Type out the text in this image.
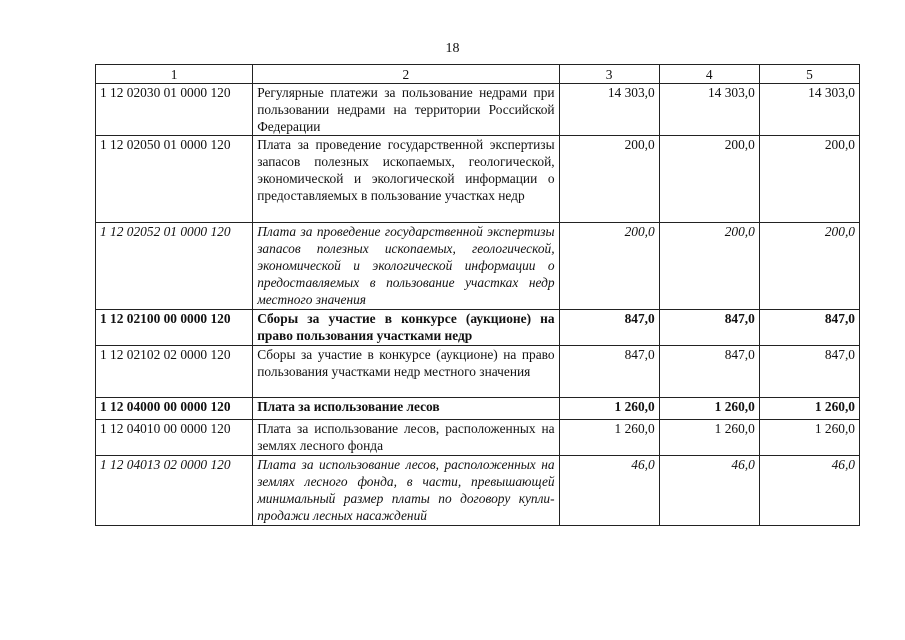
18
1	2	3	4	5
1 12 02030 01 0000 120	Регулярные платежи за пользование недрами при пользовании недрами на территории Российской Федерации	14 303,0	14 303,0	14 303,0
1 12 02050 01 0000 120	Плата за проведение государственной экспертизы запасов полезных ископаемых, геологической, экономической и экологической информации о предоставляемых в пользование участках недр	200,0	200,0	200,0
1 12 02052 01 0000 120	Плата за проведение государственной экспертизы запасов полезных ископаемых, геологической, экономической и экологической информации о предоставляемых в пользование участках недр местного значения	200,0	200,0	200,0
1 12 02100 00 0000 120	Сборы за участие в конкурсе (аукционе) на право пользования участками недр	847,0	847,0	847,0
1 12 02102 02 0000 120	Сборы за участие в конкурсе (аукционе) на право пользования участками недр местного значения	847,0	847,0	847,0
1 12 04000 00 0000 120	Плата за использование лесов	1 260,0	1 260,0	1 260,0
1 12 04010 00 0000 120	Плата за использование лесов, расположенных на землях лесного фонда	1 260,0	1 260,0	1 260,0
1 12 04013 02 0000 120	Плата за использование лесов, расположенных на землях лесного фонда, в части, превышающей минимальный размер платы по договору купли-продажи лесных насаждений	46,0	46,0	46,0
